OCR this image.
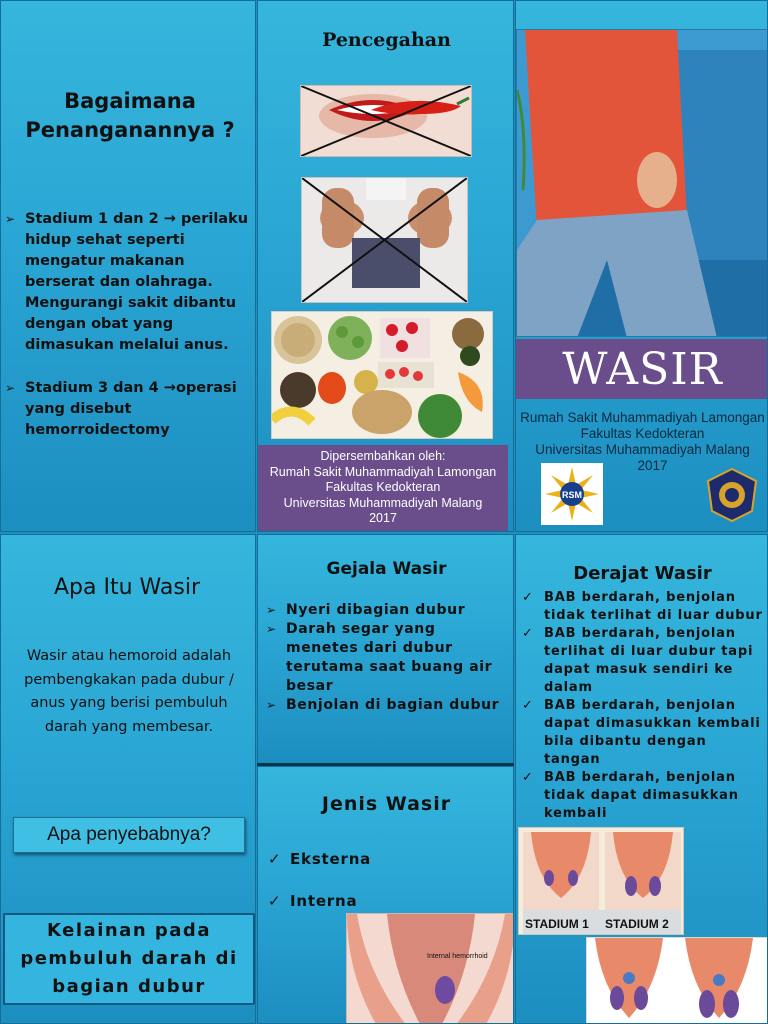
Bagaimana Penanganannya ?
➢ Stadium 1 dan 2 → perilaku hidup sehat seperti mengatur makanan berserat dan olahraga. Mengurangi sakit dibantu dengan obat yang dimasukan melalui anus.
➢ Stadium 3 dan 4 →operasi yang disebut hemorroidectomy
Pencegahan
Dipersembahkan oleh:
Rumah Sakit Muhammadiyah Lamongan
Fakultas Kedokteran
Universitas Muhammadiyah Malang
2017
WASIR
Rumah Sakit Muhammadiyah Lamongan
Fakultas Kedokteran
Universitas Muhammadiyah Malang
2017
RSM
Apa Itu Wasir

Wasir atau hemoroid adalah pembengkakan pada dubur / anus yang berisi pembuluh darah yang membesar.

Apa penyebabnya?
Kelainan pada pembuluh darah di bagian dubur
Gejala Wasir
➢ Nyeri dibagian dubur
➢ Darah segar yang menetes dari dubur terutama saat buang air besar
➢ Benjolan di bagian dubur
Jenis Wasir
✓ Eksterna
✓ Interna
Internal hemorrhoid
Derajat Wasir
✓ BAB berdarah, benjolan tidak terlihat di luar dubur
✓ BAB berdarah, benjolan terlihat di luar dubur tapi dapat masuk sendiri ke dalam
✓ BAB berdarah, benjolan dapat dimasukkan kembali bila dibantu dengan tangan
✓ BAB berdarah, benjolan tidak dapat dimasukkan kembali
STADIUM 1 STADIUM 2
